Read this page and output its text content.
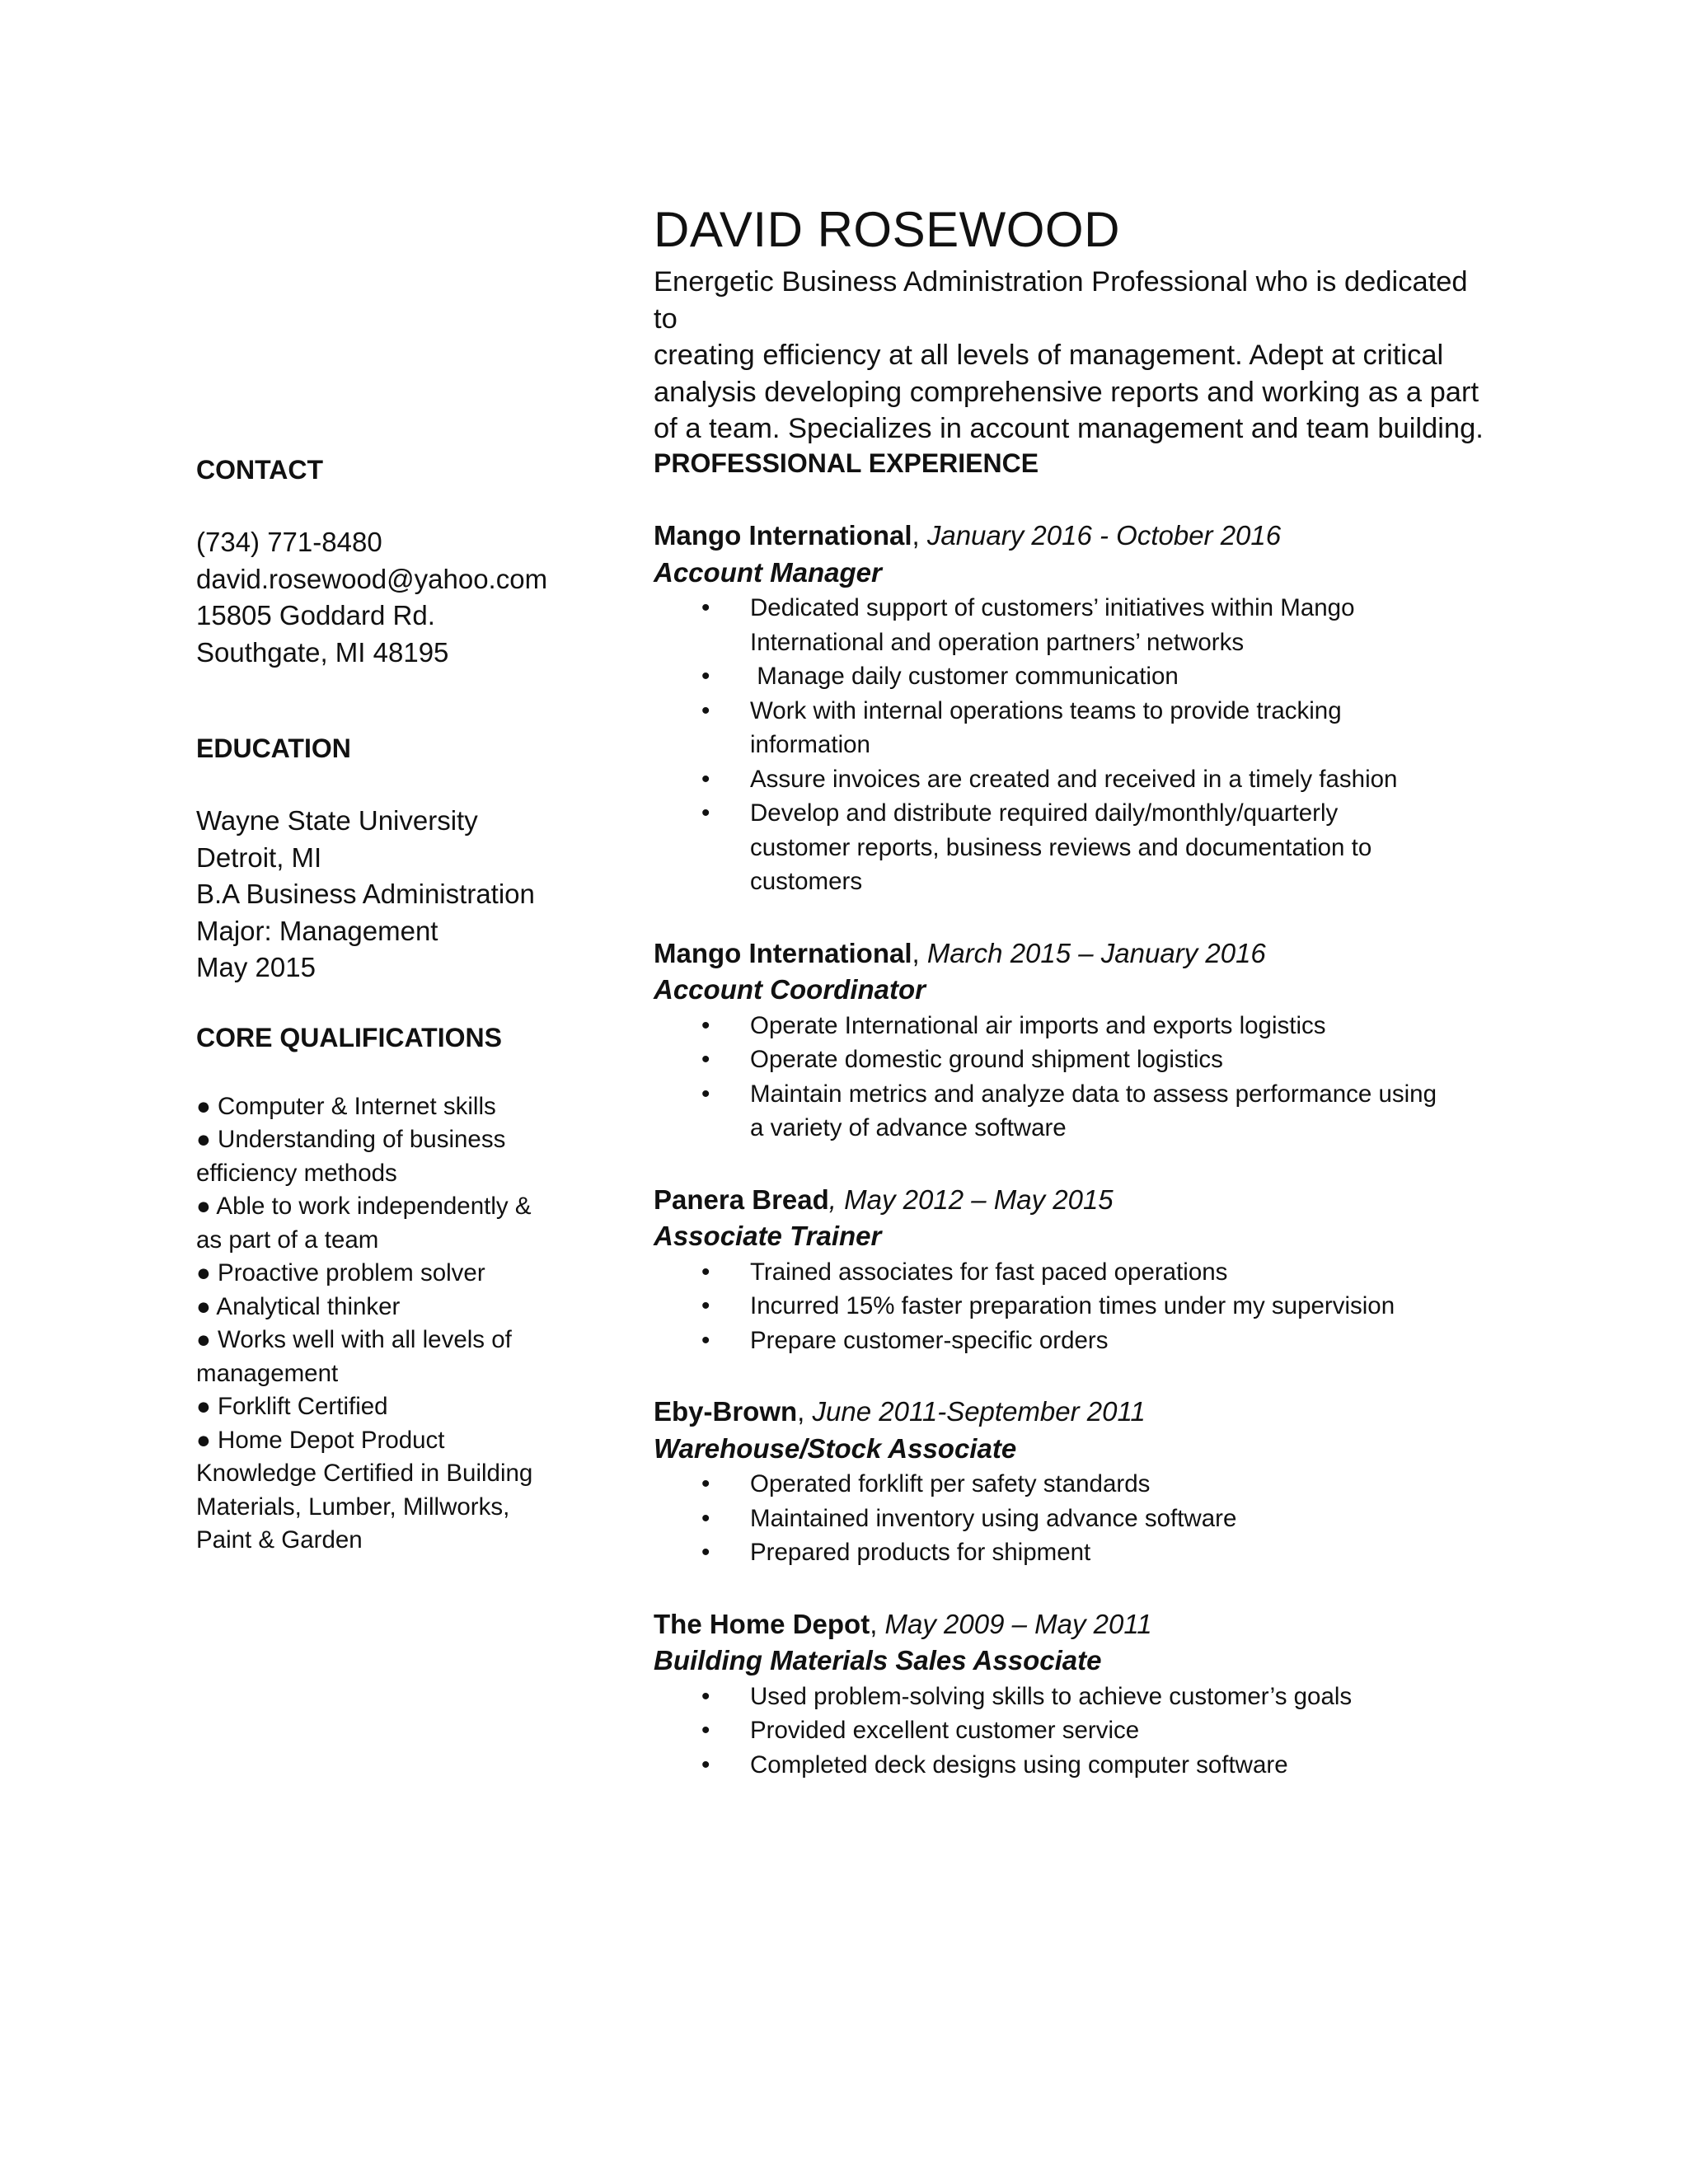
DAVID ROSEWOOD
Energetic Business Administration Professional who is dedicated to
creating efficiency at all levels of management. Adept at critical
analysis developing comprehensive reports and working as a part
of a team. Specializes in account management and team building.
CONTACT
(734) 771-8480
david.rosewood@yahoo.com
15805 Goddard Rd.
Southgate, MI 48195
EDUCATION
Wayne State University
Detroit, MI
B.A Business Administration
Major: Management
May 2015
CORE QUALIFICATIONS
● Computer & Internet skills
● Understanding of business
efficiency methods
● Able to work independently &
as part of a team
● Proactive problem solver
● Analytical thinker
● Works well with all levels of
management
● Forklift Certified
● Home Depot Product
Knowledge Certified in Building
Materials, Lumber, Millworks,
Paint & Garden
PROFESSIONAL EXPERIENCE
Mango International, January 2016 - October 2016
Account Manager
• Dedicated support of customers’ initiatives within Mango
International and operation partners’ networks
• Manage daily customer communication
• Work with internal operations teams to provide tracking
information
• Assure invoices are created and received in a timely fashion
• Develop and distribute required daily/monthly/quarterly
customer reports, business reviews and documentation to
customers
Mango International, March 2015 – January 2016
Account Coordinator
• Operate International air imports and exports logistics
• Operate domestic ground shipment logistics
• Maintain metrics and analyze data to assess performance using
a variety of advance software
Panera Bread, May 2012 – May 2015
Associate Trainer
• Trained associates for fast paced operations
• Incurred 15% faster preparation times under my supervision
• Prepare customer-specific orders
Eby-Brown, June 2011-September 2011
Warehouse/Stock Associate
• Operated forklift per safety standards
• Maintained inventory using advance software
• Prepared products for shipment
The Home Depot, May 2009 – May 2011
Building Materials Sales Associate
• Used problem-solving skills to achieve customer’s goals
• Provided excellent customer service
• Completed deck designs using computer software
